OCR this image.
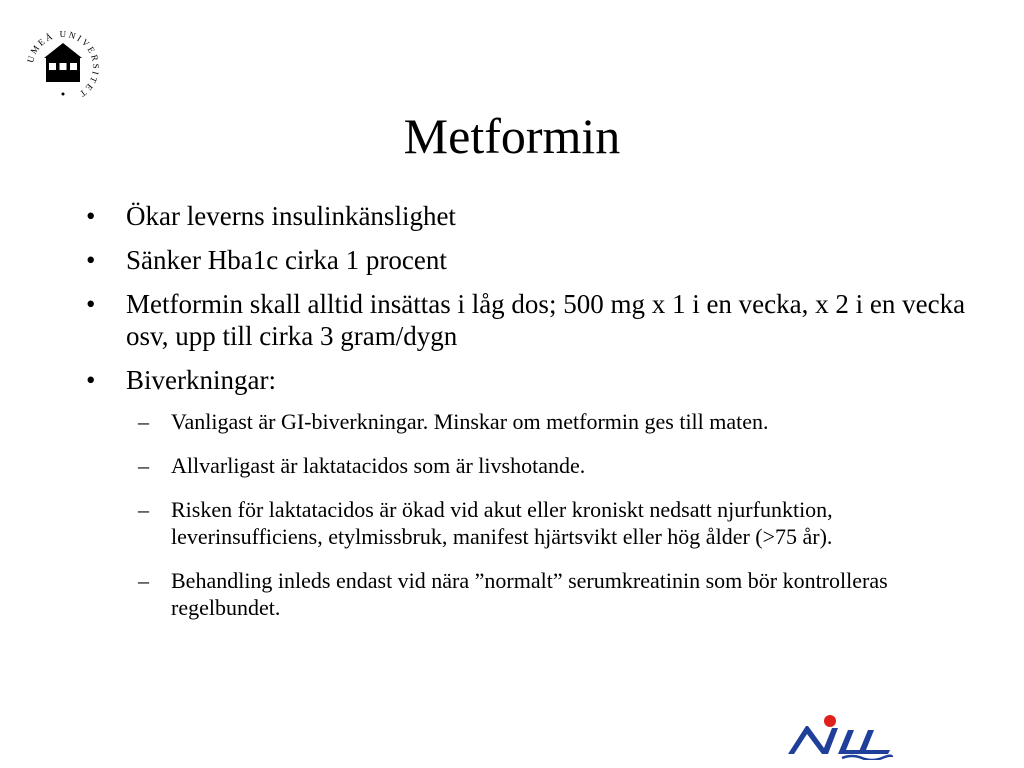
UMEÅ UNIVERSITET
Metformin
• Ökar leverns insulinkänslighet
• Sänker Hba1c cirka 1 procent
• Metformin skall alltid insättas i låg dos; 500 mg x 1 i en vecka, x 2 i en vecka osv, upp till cirka 3 gram/dygn
• Biverkningar:
– Vanligast är GI-biverkningar. Minskar om metformin ges till maten.
– Allvarligast är laktatacidos som är livshotande.
– Risken för laktatacidos är ökad vid akut eller kroniskt nedsatt njurfunktion, leverinsufficiens, etylmissbruk, manifest hjärtsvikt eller hög ålder (>75 år).
– Behandling inleds endast vid nära ”normalt” serumkreatinin som bör kontrolleras regelbundet.
